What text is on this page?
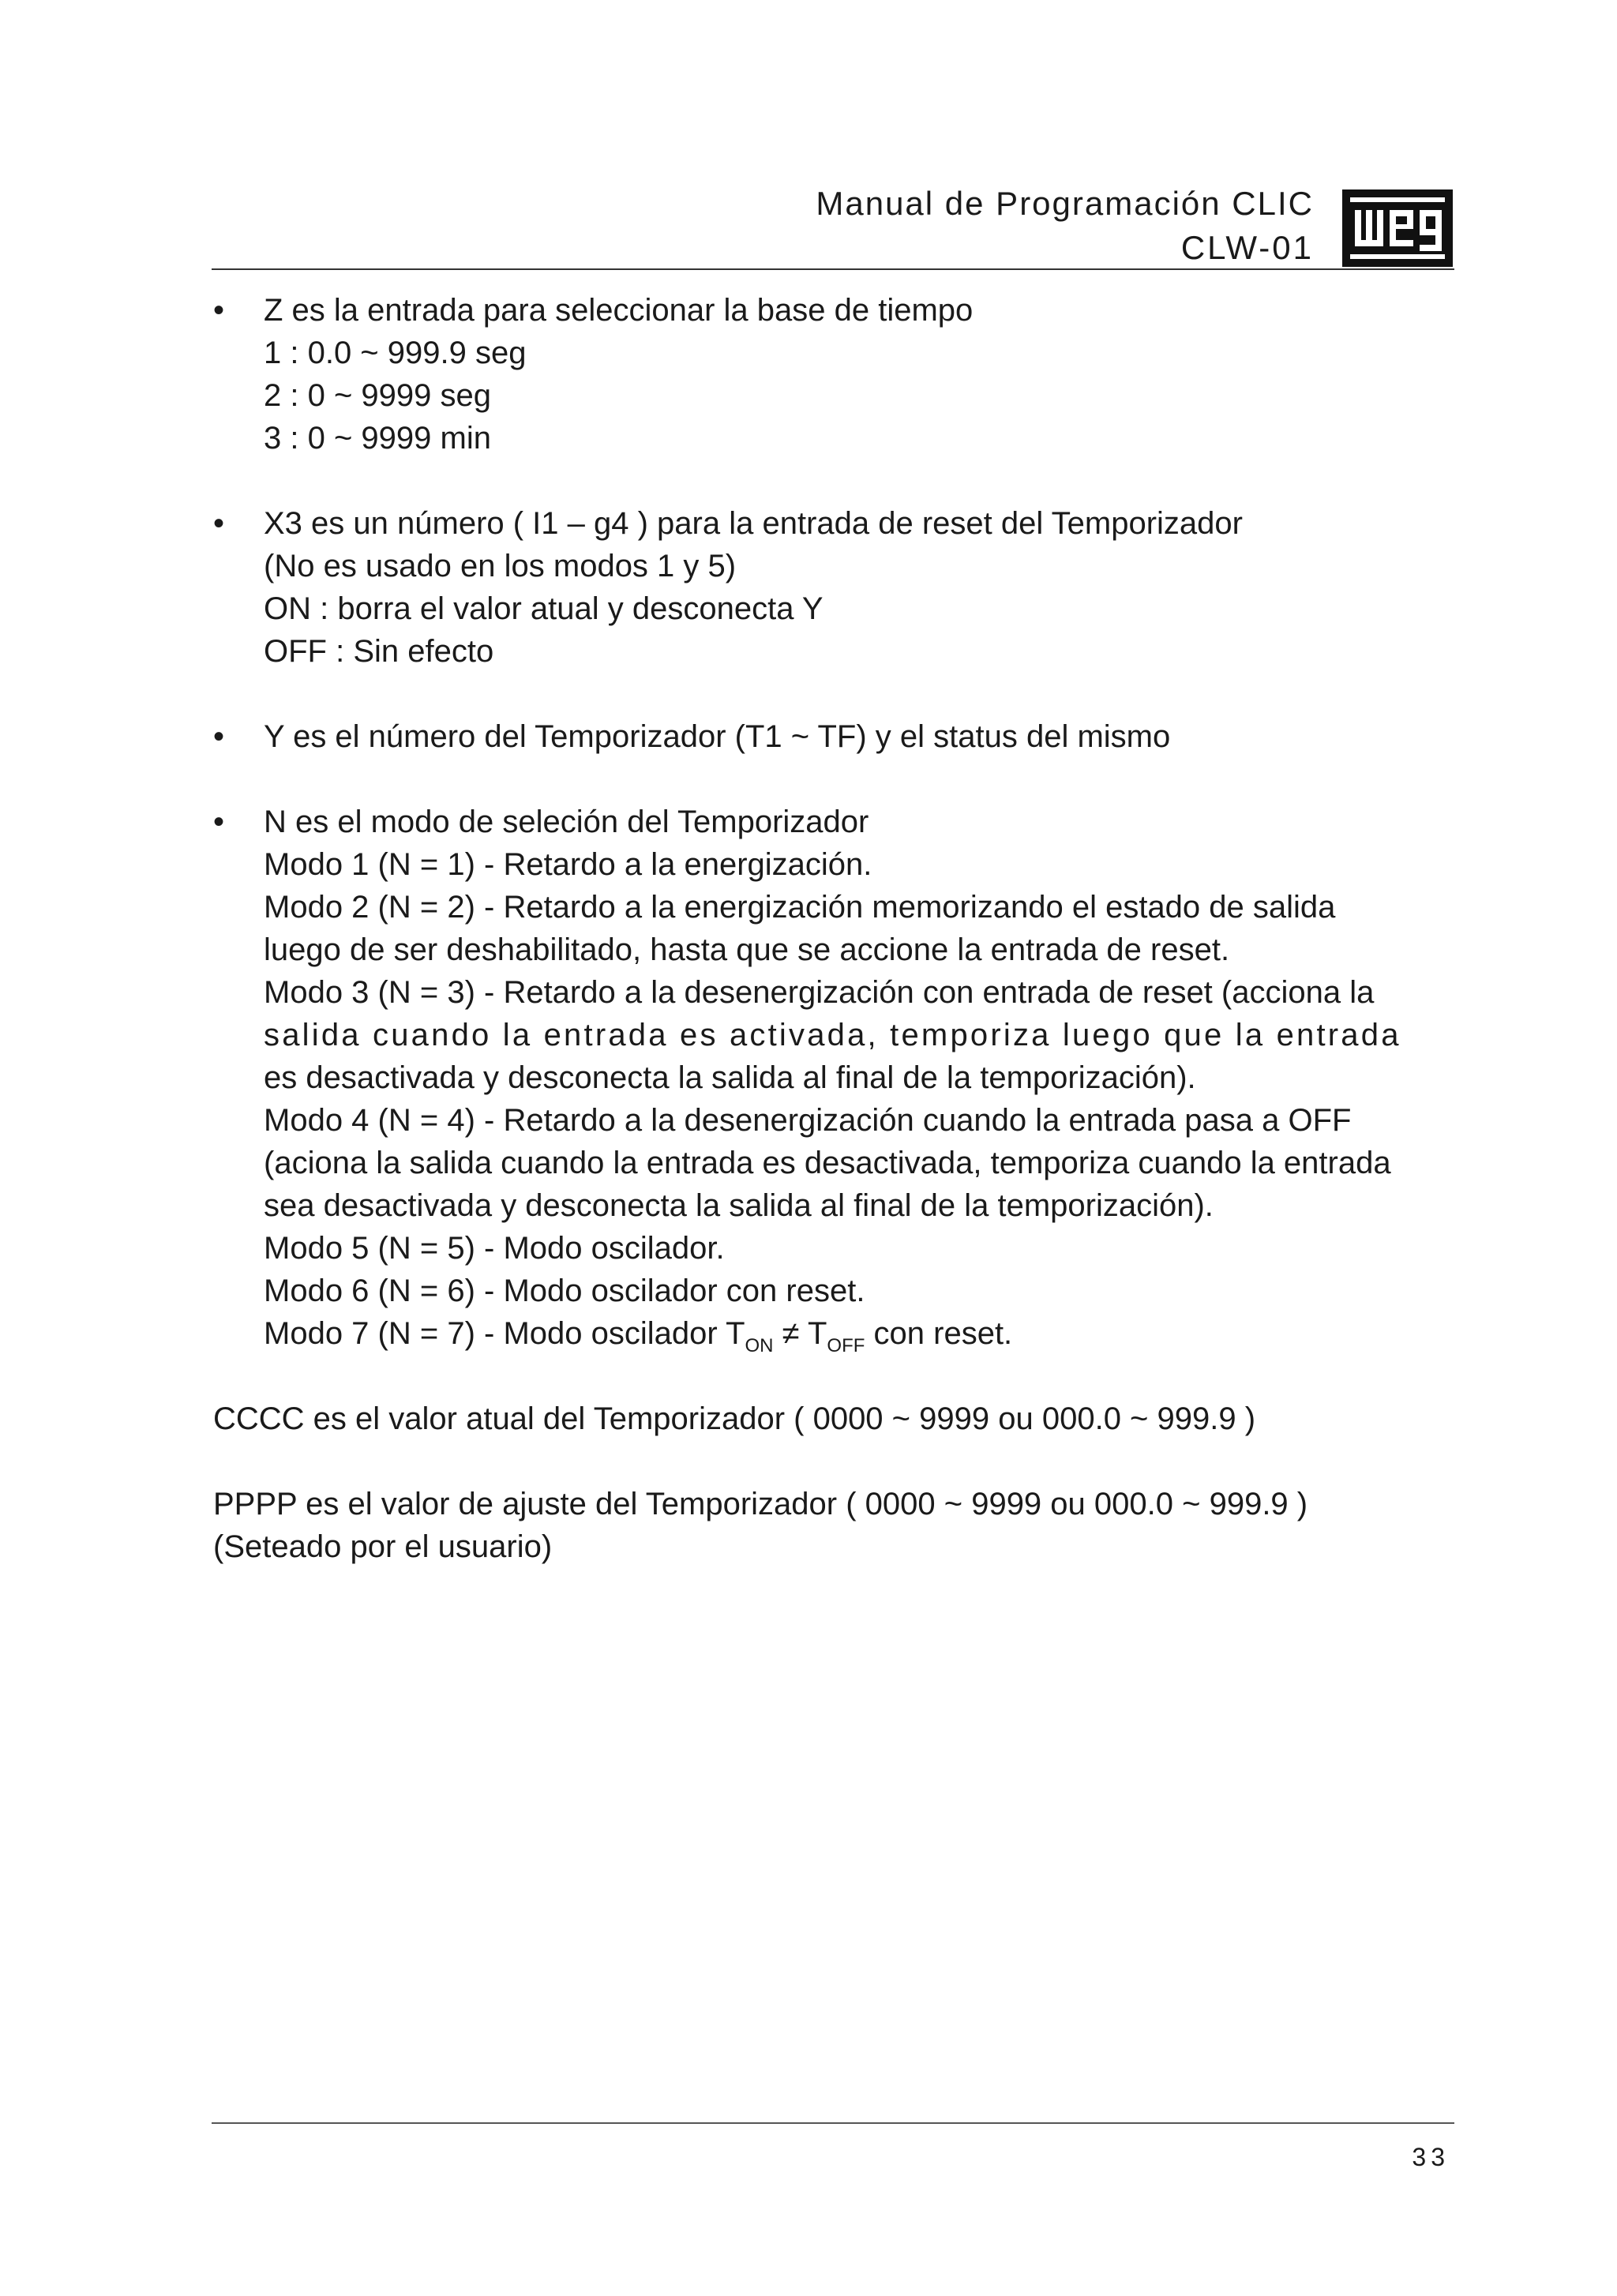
Manual de Programación CLIC
CLW-01
•	Z es la entrada para seleccionar la base de tiempo
1 : 0.0 ~ 999.9 seg
2 : 0 ~ 9999 seg
3 : 0 ~ 9999 min
•	X3 es un número ( I1 – g4 ) para la entrada de reset del Temporizador
(No es usado en los modos 1 y 5)
ON : borra el valor atual y desconecta Y
OFF : Sin efecto
•	Y es el número del Temporizador (T1 ~ TF) y el status del mismo
•	N es el modo de seleción del Temporizador
Modo 1 (N = 1) - Retardo a la energización.
Modo 2 (N = 2) - Retardo a la energización memorizando el estado de salida
luego de ser deshabilitado, hasta que se accione la entrada de reset.
Modo 3 (N = 3) - Retardo a la desenergización con entrada de reset (acciona la
salida cuando la entrada es activada, temporiza luego que la entrada
es desactivada y desconecta la salida al final de la temporización).
Modo 4 (N = 4) - Retardo a la desenergización cuando la entrada pasa a OFF
(aciona la salida cuando la entrada es desactivada, temporiza cuando la entrada
sea desactivada y desconecta la salida al final de la temporización).
Modo 5 (N = 5) - Modo oscilador.
Modo 6 (N = 6) - Modo oscilador con reset.
Modo 7 (N = 7) - Modo oscilador $T_{ON} \ne T_{OFF}$ con reset.
CCCC es el valor atual del Temporizador ( 0000 ~ 9999 ou 000.0 ~ 999.9 )
PPPP es el valor de ajuste del Temporizador ( 0000 ~ 9999 ou 000.0 ~ 999.9 )
(Seteado por el usuario)
33
